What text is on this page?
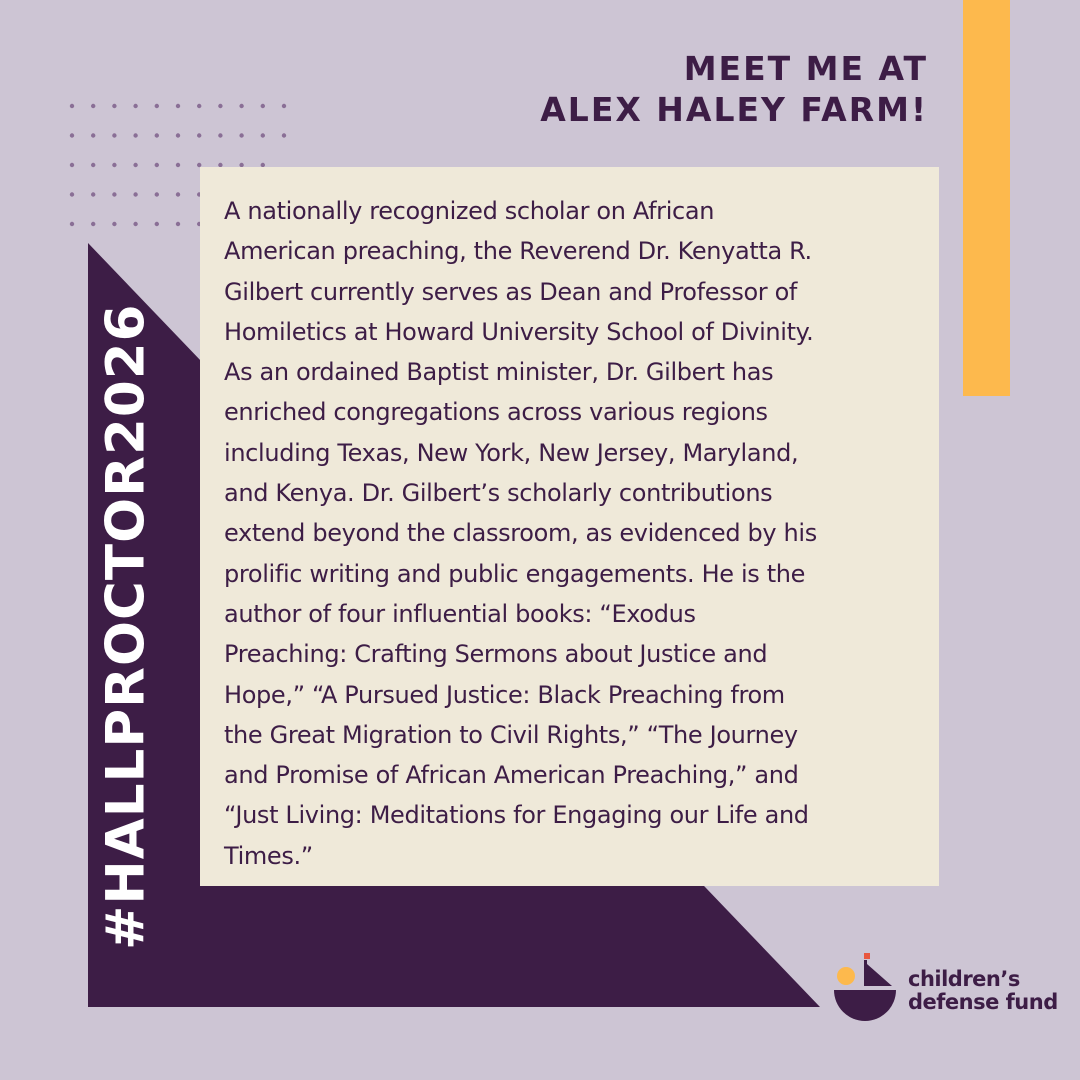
MEET ME AT
ALEX HALEY FARM!
#HALLPROCTOR2026

A nationally recognized scholar on African
American preaching, the Reverend Dr. Kenyatta R.
Gilbert currently serves as Dean and Professor of
Homiletics at Howard University School of Divinity.
As an ordained Baptist minister, Dr. Gilbert has
enriched congregations across various regions
including Texas, New York, New Jersey, Maryland,
and Kenya. Dr. Gilbert’s scholarly contributions
extend beyond the classroom, as evidenced by his
prolific writing and public engagements. He is the
author of four influential books: “Exodus
Preaching: Crafting Sermons about Justice and
Hope,” “A Pursued Justice: Black Preaching from
the Great Migration to Civil Rights,” “The Journey
and Promise of African American Preaching,” and
“Just Living: Meditations for Engaging our Life and
Times.”

children’s
defense fund
